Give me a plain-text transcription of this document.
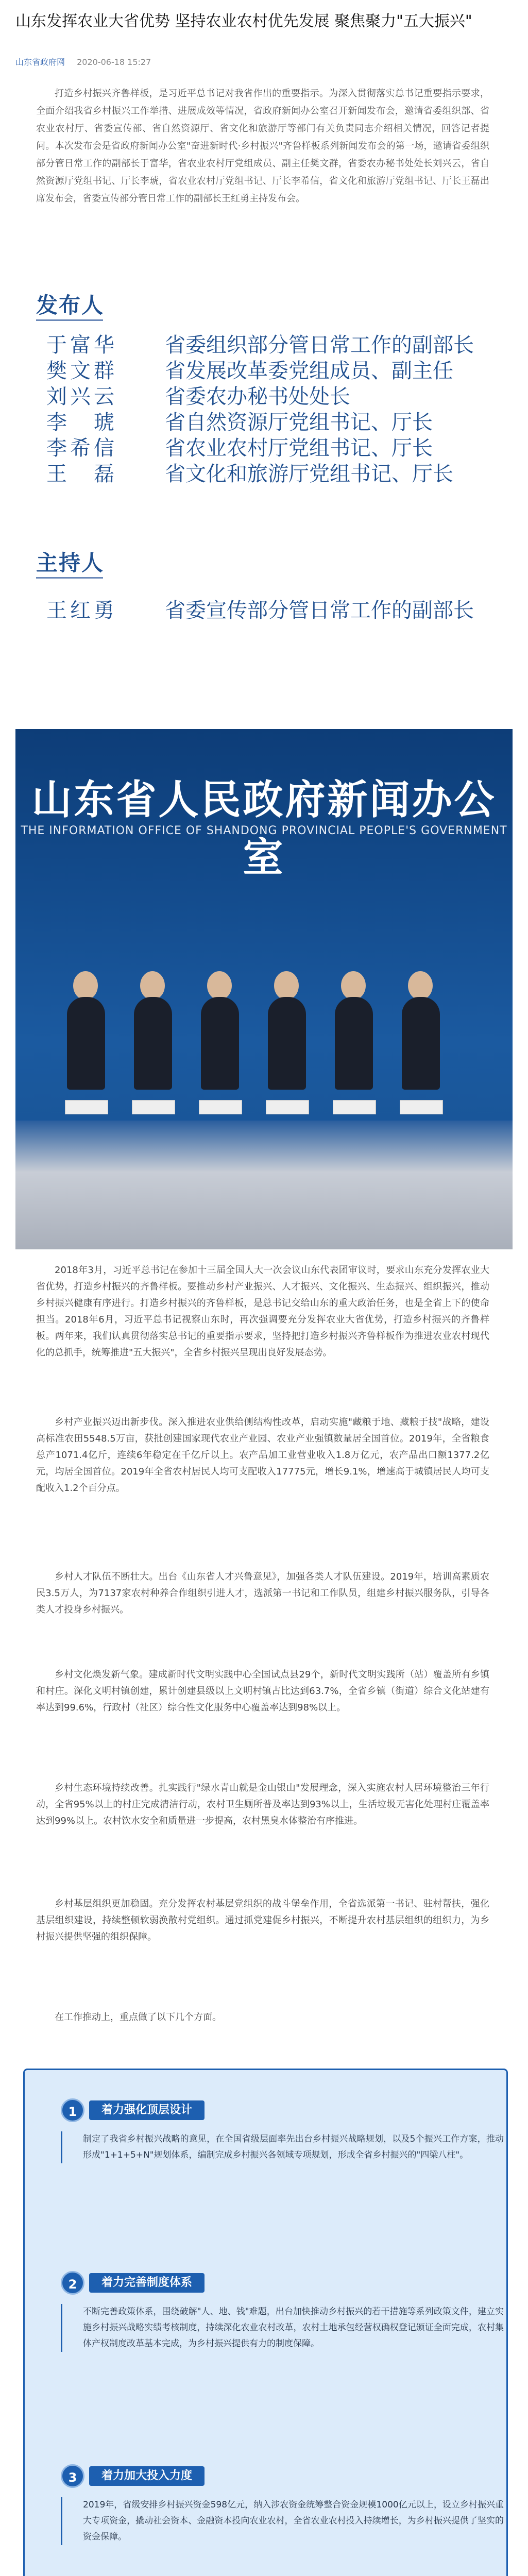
山东发挥农业大省优势 坚持农业农村优先发展 聚焦聚力"五大振兴"
山东省政府网 2020-06-18 15:27
打造乡村振兴齐鲁样板，是习近平总书记对我省作出的重要指示。为深入贯彻落实总书记重要指示要求，全面介绍我省乡村振兴工作举措、进展成效等情况，省政府新闻办公室召开新闻发布会，邀请省委组织部、省农业农村厅、省委宣传部、省自然资源厅、省文化和旅游厅等部门有关负责同志介绍相关情况，回答记者提问。本次发布会是省政府新闻办公室"奋进新时代·乡村振兴"齐鲁样板系列新闻发布会的第一场，邀请省委组织部分管日常工作的副部长于富华，省农业农村厅党组成员、副主任樊文群，省委农办秘书处处长刘兴云，省自然资源厅党组书记、厅长李琥，省农业农村厅党组书记、厅长李希信，省文化和旅游厅党组书记、厅长王磊出席发布会，省委宣传部分管日常工作的副部长王红勇主持发布会。
发布人
于富华 省委组织部分管日常工作的副部长
樊文群 省发展改革委党组成员、副主任
刘兴云 省委农办秘书处处长
李　琥 省自然资源厅党组书记、厅长
李希信 省农业农村厅党组书记、厅长
王　磊 省文化和旅游厅党组书记、厅长
主持人
王红勇 省委宣传部分管日常工作的副部长
山东省人民政府新闻办公室
THE INFORMATION OFFICE OF SHANDONG PROVINCIAL PEOPLE'S GOVERNMENT
2018年3月，习近平总书记在参加十三届全国人大一次会议山东代表团审议时，要求山东充分发挥农业大省优势，打造乡村振兴的齐鲁样板。要推动乡村产业振兴、人才振兴、文化振兴、生态振兴、组织振兴，推动乡村振兴健康有序进行。打造乡村振兴的齐鲁样板，是总书记交给山东的重大政治任务，也是全省上下的使命担当。2018年6月，习近平总书记视察山东时，再次强调要充分发挥农业大省优势，打造乡村振兴的齐鲁样板。两年来，我们认真贯彻落实总书记的重要指示要求，坚持把打造乡村振兴齐鲁样板作为推进农业农村现代化的总抓手，统筹推进"五大振兴"，全省乡村振兴呈现出良好发展态势。
乡村产业振兴迈出新步伐。深入推进农业供给侧结构性改革，启动实施"藏粮于地、藏粮于技"战略，建设高标准农田5548.5万亩，获批创建国家现代农业产业园、农业产业强镇数量居全国首位。2019年，全省粮食总产1071.4亿斤，连续6年稳定在千亿斤以上。农产品加工业营业收入1.8万亿元，农产品出口额1377.2亿元，均居全国首位。2019年全省农村居民人均可支配收入17775元，增长9.1%，增速高于城镇居民人均可支配收入1.2个百分点。
乡村人才队伍不断壮大。出台《山东省人才兴鲁意见》，加强各类人才队伍建设。2019年，培训高素质农民3.5万人，为7137家农村种养合作组织引进人才，选派第一书记和工作队员，组建乡村振兴服务队，引导各类人才投身乡村振兴。
乡村文化焕发新气象。建成新时代文明实践中心全国试点县29个，新时代文明实践所（站）覆盖所有乡镇和村庄。深化文明村镇创建，累计创建县级以上文明村镇占比达到63.7%，全省乡镇（街道）综合文化站建有率达到99.6%，行政村（社区）综合性文化服务中心覆盖率达到98%以上。
乡村生态环境持续改善。扎实践行"绿水青山就是金山银山"发展理念，深入实施农村人居环境整治三年行动，全省95%以上的村庄完成清洁行动，农村卫生厕所普及率达到93%以上，生活垃圾无害化处理村庄覆盖率达到99%以上。农村饮水安全和质量进一步提高，农村黑臭水体整治有序推进。
乡村基层组织更加稳固。充分发挥农村基层党组织的战斗堡垒作用，全省选派第一书记、驻村帮扶，强化基层组织建设，持续整顿软弱涣散村党组织。通过抓党建促乡村振兴，不断提升农村基层组织的组织力，为乡村振兴提供坚强的组织保障。
在工作推动上，重点做了以下几个方面。
1	着力强化顶层设计
制定了我省乡村振兴战略的意见，在全国省级层面率先出台乡村振兴战略规划，以及5个振兴工作方案，推动形成"1+1+5+N"规划体系，编制完成乡村振兴各领域专项规划，形成全省乡村振兴的"四梁八柱"。
2	着力完善制度体系
不断完善政策体系，围绕破解"人、地、钱"难题，出台加快推动乡村振兴的若干措施等系列政策文件，建立实施乡村振兴战略实绩考核制度，持续深化农业农村改革，农村土地承包经营权确权登记颁证全面完成，农村集体产权制度改革基本完成，为乡村振兴提供有力的制度保障。
3	着力加大投入力度
2019年，省级安排乡村振兴资金598亿元，纳入涉农资金统筹整合资金规模1000亿元以上，设立乡村振兴重大专项资金，撬动社会资本、金融资本投向农业农村，全省农业农村投入持续增长，为乡村振兴提供了坚实的资金保障。
